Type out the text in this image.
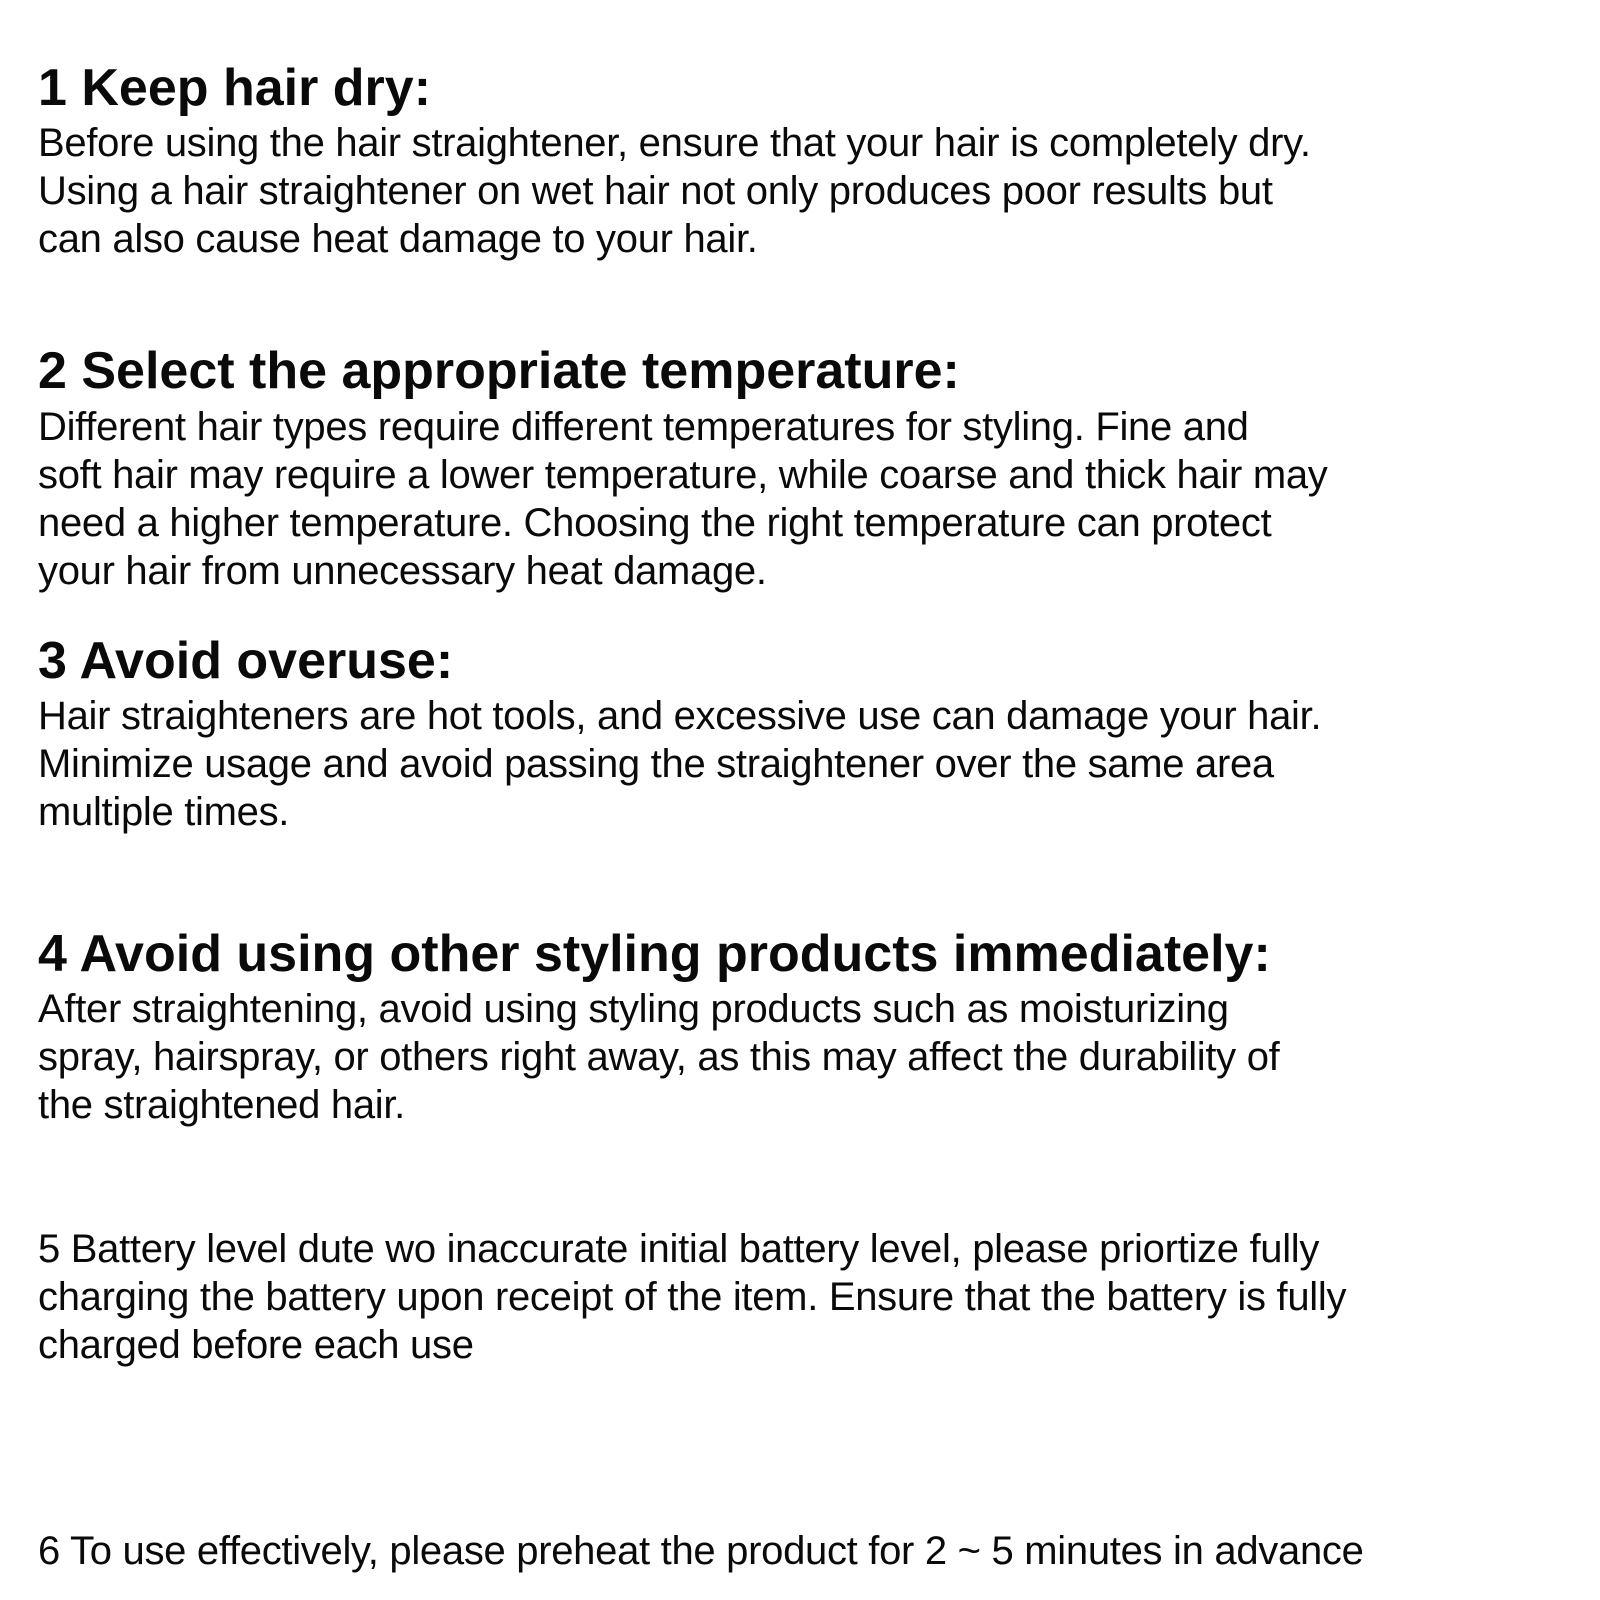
1 Keep hair dry:

Before using the hair straightener, ensure that your hair is completely dry.
Using a hair straightener on wet hair not only produces poor results but
can also cause heat damage to your hair.

2 Select the appropriate temperature:

Different hair types require different temperatures for styling. Fine and
soft hair may require a lower temperature, while coarse and thick hair may
need a higher temperature. Choosing the right temperature can protect
your hair from unnecessary heat damage.

3 Avoid overuse:

Hair straighteners are hot tools, and excessive use can damage your hair.
Minimize usage and avoid passing the straightener over the same area
multiple times.

4 Avoid using other styling products immediately:

After straightening, avoid using styling products such as moisturizing
spray, hairspray, or others right away, as this may affect the durability of
the straightened hair.

5 Battery level dute wo inaccurate initial battery level, please priortize fully
charging the battery upon receipt of the item. Ensure that the battery is fully
charged before each use

6 To use effectively, please preheat the product for 2 ~ 5 minutes in advance
